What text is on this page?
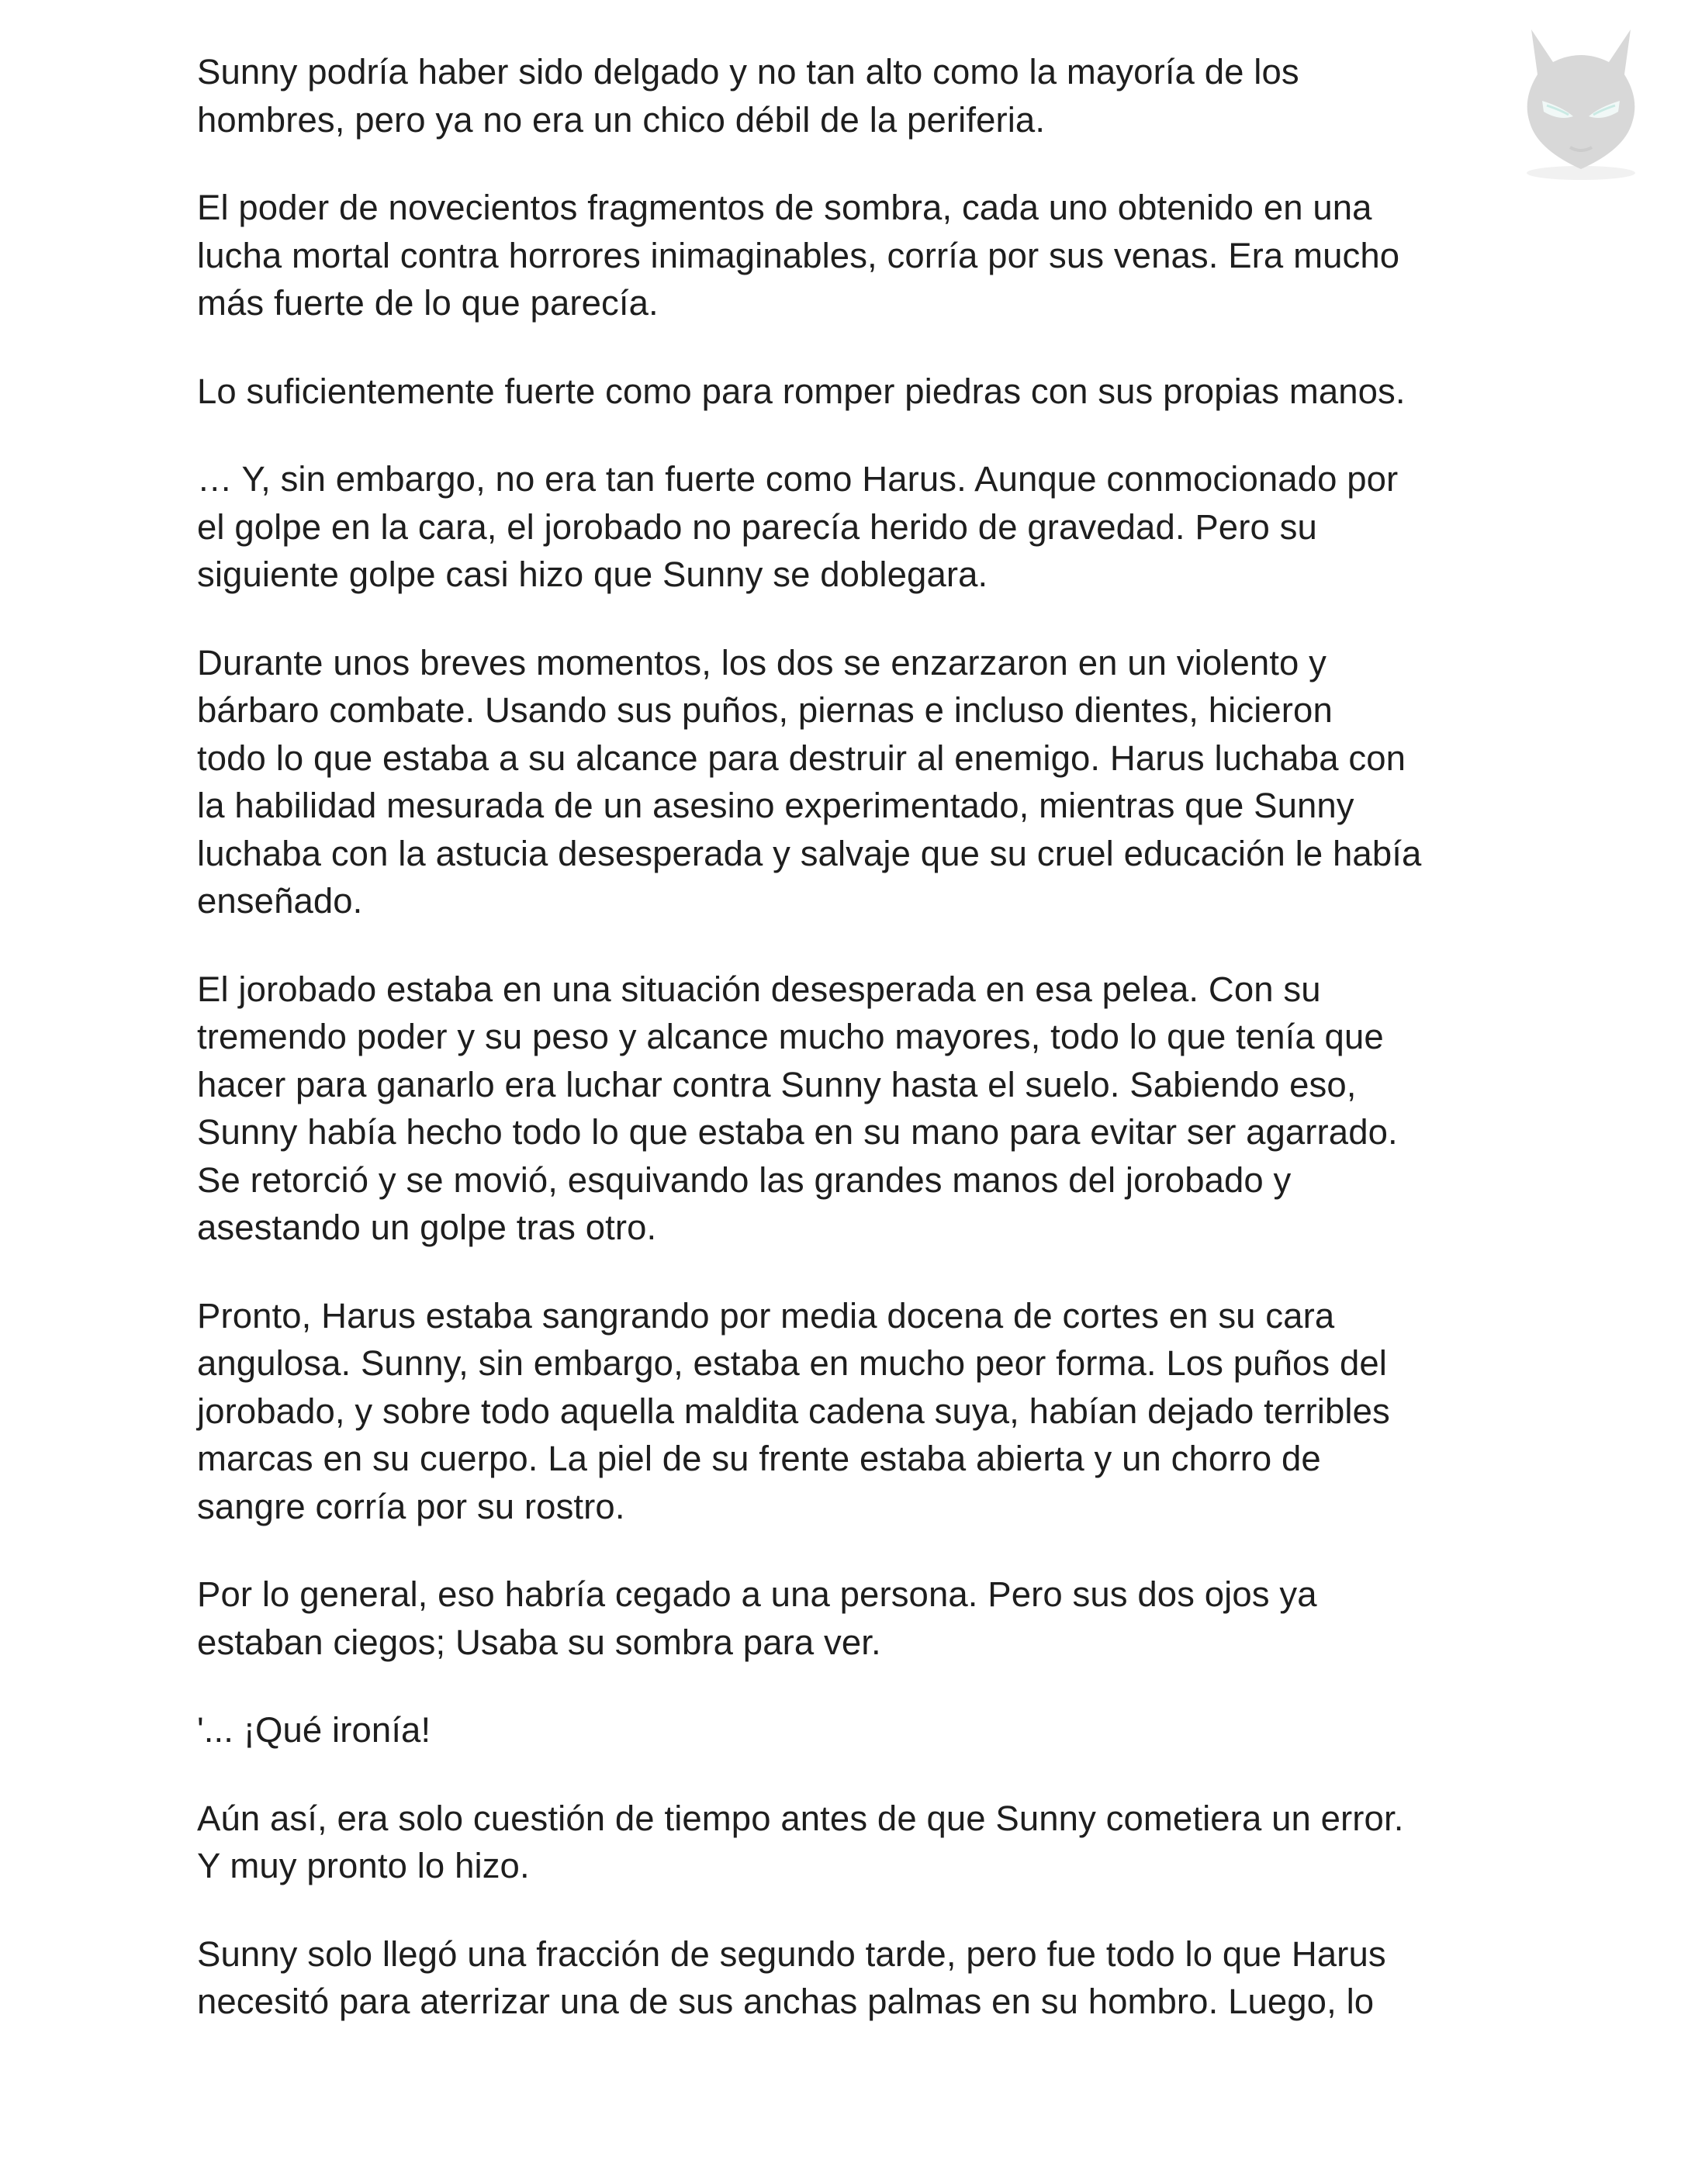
Sunny podría haber sido delgado y no tan alto como la mayoría de los
hombres, pero ya no era un chico débil de la periferia.

El poder de novecientos fragmentos de sombra, cada uno obtenido en una
lucha mortal contra horrores inimaginables, corría por sus venas. Era mucho
más fuerte de lo que parecía.

Lo suficientemente fuerte como para romper piedras con sus propias manos.

… Y, sin embargo, no era tan fuerte como Harus. Aunque conmocionado por
el golpe en la cara, el jorobado no parecía herido de gravedad. Pero su
siguiente golpe casi hizo que Sunny se doblegara.

Durante unos breves momentos, los dos se enzarzaron en un violento y
bárbaro combate. Usando sus puños, piernas e incluso dientes, hicieron
todo lo que estaba a su alcance para destruir al enemigo. Harus luchaba con
la habilidad mesurada de un asesino experimentado, mientras que Sunny
luchaba con la astucia desesperada y salvaje que su cruel educación le había
enseñado.

El jorobado estaba en una situación desesperada en esa pelea. Con su
tremendo poder y su peso y alcance mucho mayores, todo lo que tenía que
hacer para ganarlo era luchar contra Sunny hasta el suelo. Sabiendo eso,
Sunny había hecho todo lo que estaba en su mano para evitar ser agarrado.
Se retorció y se movió, esquivando las grandes manos del jorobado y
asestando un golpe tras otro.

Pronto, Harus estaba sangrando por media docena de cortes en su cara
angulosa. Sunny, sin embargo, estaba en mucho peor forma. Los puños del
jorobado, y sobre todo aquella maldita cadena suya, habían dejado terribles
marcas en su cuerpo. La piel de su frente estaba abierta y un chorro de
sangre corría por su rostro.

Por lo general, eso habría cegado a una persona. Pero sus dos ojos ya
estaban ciegos; Usaba su sombra para ver.

'... ¡Qué ironía!

Aún así, era solo cuestión de tiempo antes de que Sunny cometiera un error.
Y muy pronto lo hizo.

Sunny solo llegó una fracción de segundo tarde, pero fue todo lo que Harus
necesitó para aterrizar una de sus anchas palmas en su hombro. Luego, lo
